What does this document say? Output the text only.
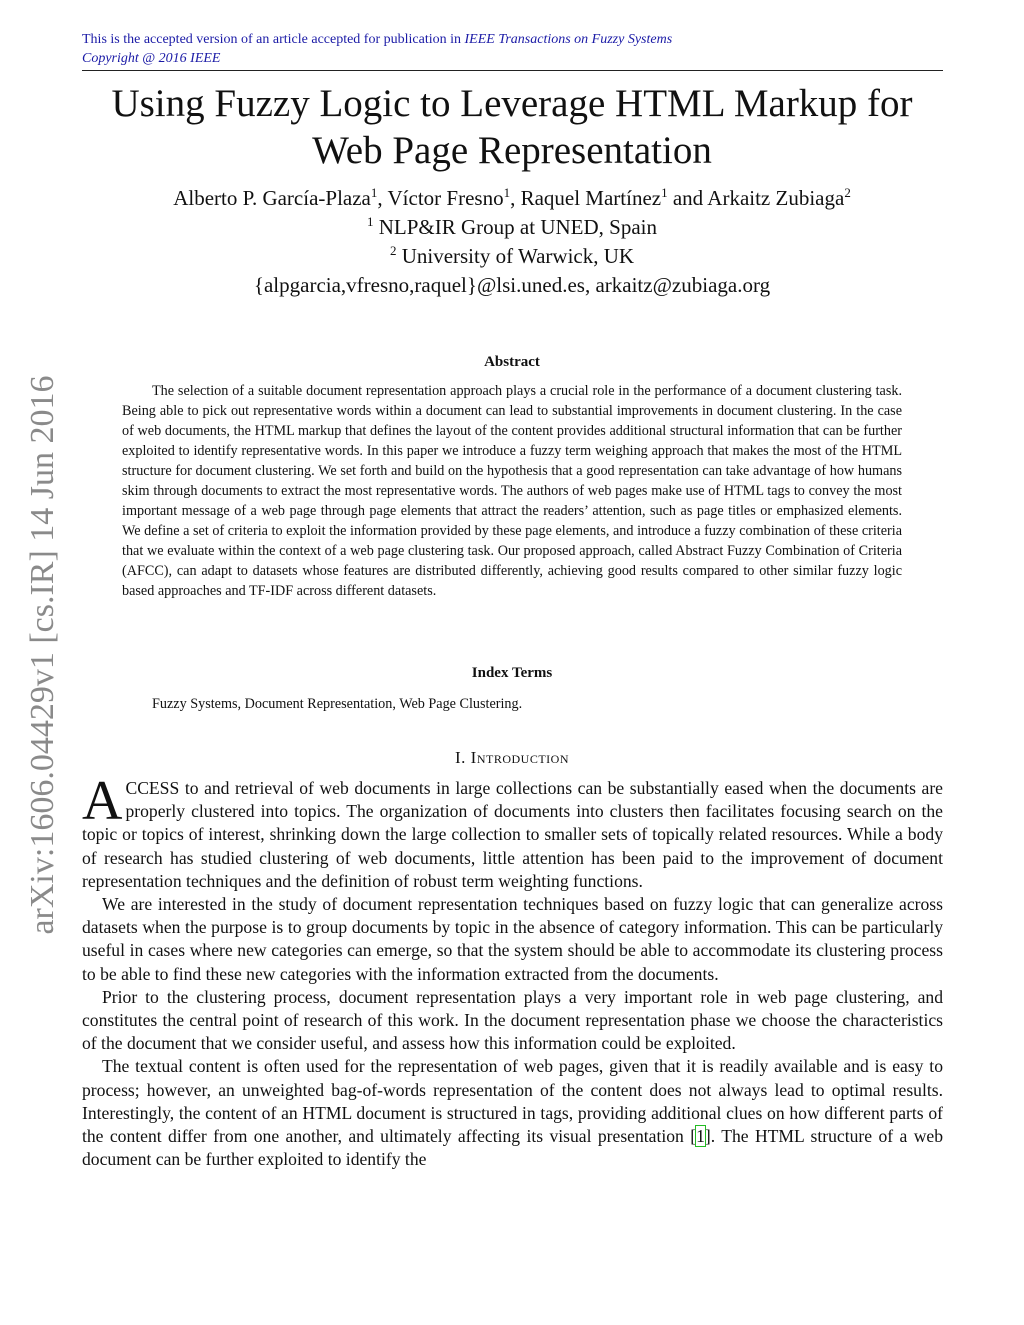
This is the accepted version of an article accepted for publication in IEEE Transactions on Fuzzy Systems
Copyright @ 2016 IEEE
Using Fuzzy Logic to Leverage HTML Markup for
Web Page Representation
Alberto P. García-Plaza$^1$, Víctor Fresno$^1$, Raquel Martínez$^1$ and Arkaitz Zubiaga$^2$
$^1$ NLP&IR Group at UNED, Spain
$^2$ University of Warwick, UK
{alpgarcia,vfresno,raquel}@lsi.uned.es, arkaitz@zubiaga.org
Abstract

The selection of a suitable document representation approach plays a crucial role in the performance of a document clustering task. Being able to pick out representative words within a document can lead to substantial improvements in document clustering. In the case of web documents, the HTML markup that defines the layout of the content provides additional structural information that can be further exploited to identify representative words. In this paper we introduce a fuzzy term weighing approach that makes the most of the HTML structure for document clustering. We set forth and build on the hypothesis that a good representation can take advantage of how humans skim through documents to extract the most representative words. The authors of web pages make use of HTML tags to convey the most important message of a web page through page elements that attract the readers’ attention, such as page titles or emphasized elements. We define a set of criteria to exploit the information provided by these page elements, and introduce a fuzzy combination of these criteria that we evaluate within the context of a web page clustering task. Our proposed approach, called Abstract Fuzzy Combination of Criteria (AFCC), can adapt to datasets whose features are distributed differently, achieving good results compared to other similar fuzzy logic based approaches and TF-IDF across different datasets.

Index Terms

Fuzzy Systems, Document Representation, Web Page Clustering.

I. Introduction

ACCESS to and retrieval of web documents in large collections can be substantially eased when the documents are properly clustered into topics. The organization of documents into clusters then facilitates focusing search on the topic or topics of interest, shrinking down the large collection to smaller sets of topically related resources. While a body of research has studied clustering of web documents, little attention has been paid to the improvement of document representation techniques and the definition of robust term weighting functions.

We are interested in the study of document representation techniques based on fuzzy logic that can generalize across datasets when the purpose is to group documents by topic in the absence of category information. This can be particularly useful in cases where new categories can emerge, so that the system should be able to accommodate its clustering process to be able to find these new categories with the information extracted from the documents.

Prior to the clustering process, document representation plays a very important role in web page clustering, and constitutes the central point of research of this work. In the document representation phase we choose the characteristics of the document that we consider useful, and assess how this information could be exploited.

The textual content is often used for the representation of web pages, given that it is readily available and is easy to process; however, an unweighted bag-of-words representation of the content does not always lead to optimal results. Interestingly, the content of an HTML document is structured in tags, providing additional clues on how different parts of the content differ from one another, and ultimately affecting its visual presentation [1]. The HTML structure of a web document can be further exploited to identify the

arXiv:1606.04429v1 [cs.IR] 14 Jun 2016
